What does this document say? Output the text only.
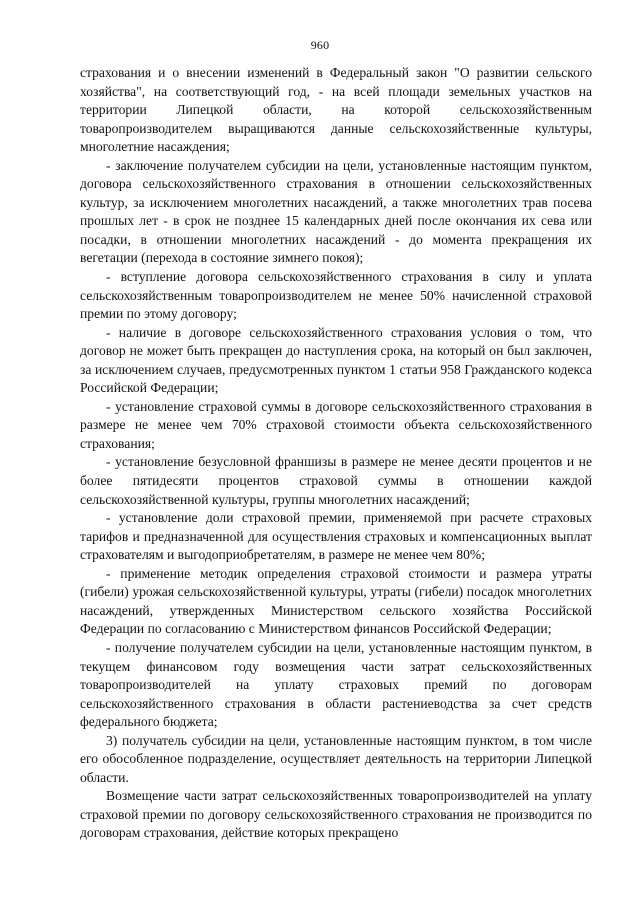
960

страхования и о внесении изменений в Федеральный закон "О развитии сельского хозяйства", на соответствующий год, - на всей площади земельных участков на территории Липецкой области, на которой сельскохозяйственным товаропроизводителем выращиваются данные сельскохозяйственные культуры, многолетние насаждения;

- заключение получателем субсидии на цели, установленные настоящим пунктом, договора сельскохозяйственного страхования в отношении сельскохозяйственных культур, за исключением многолетних насаждений, а также многолетних трав посева прошлых лет - в срок не позднее 15 календарных дней после окончания их сева или посадки, в отношении многолетних насаждений - до момента прекращения их вегетации (перехода в состояние зимнего покоя);

- вступление договора сельскохозяйственного страхования в силу и уплата сельскохозяйственным товаропроизводителем не менее 50% начисленной страховой премии по этому договору;

- наличие в договоре сельскохозяйственного страхования условия о том, что договор не может быть прекращен до наступления срока, на который он был заключен, за исключением случаев, предусмотренных пунктом 1 статьи 958 Гражданского кодекса Российской Федерации;

- установление страховой суммы в договоре сельскохозяйственного страхования в размере не менее чем 70% страховой стоимости объекта сельскохозяйственного страхования;

- установление безусловной франшизы в размере не менее десяти процентов и не более пятидесяти процентов страховой суммы в отношении каждой сельскохозяйственной культуры, группы многолетних насаждений;

- установление доли страховой премии, применяемой при расчете страховых тарифов и предназначенной для осуществления страховых и компенсационных выплат страхователям и выгодоприобретателям, в размере не менее чем 80%;

- применение методик определения страховой стоимости и размера утраты (гибели) урожая сельскохозяйственной культуры, утраты (гибели) посадок многолетних насаждений, утвержденных Министерством сельского хозяйства Российской Федерации по согласованию с Министерством финансов Российской Федерации;

- получение получателем субсидии на цели, установленные настоящим пунктом, в текущем финансовом году возмещения части затрат сельскохозяйственных товаропроизводителей на уплату страховых премий по договорам сельскохозяйственного страхования в области растениеводства за счет средств федерального бюджета;

3) получатель субсидии на цели, установленные настоящим пунктом, в том числе его обособленное подразделение, осуществляет деятельность на территории Липецкой области.

Возмещение части затрат сельскохозяйственных товаропроизводителей на уплату страховой премии по договору сельскохозяйственного страхования не производится по договорам страхования, действие которых прекращено
